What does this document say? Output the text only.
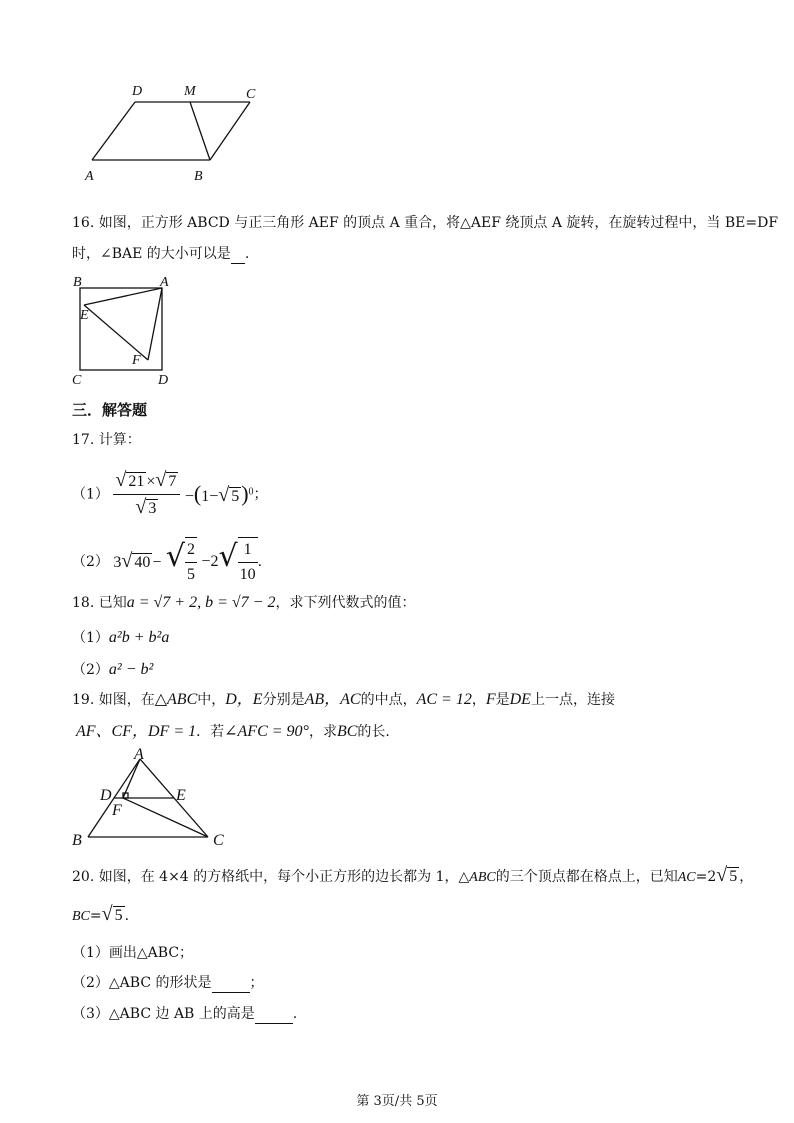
D	M	C
A	B
16. 如图，正方形 ABCD 与正三角形 AEF 的顶点 A 重合，将△AEF 绕顶点 A 旋转，在旋转过程中，当 BE=DF
时，∠BAE 的大小可以是 .
B	A
E
F
C	D
三．解答题
17. 计算：
$(1) \frac{√ 21 \times√ 7}{√ 3} -(1-√$ 5)$^0$；
（2） 3√ 40 − √ $\frac{2}{5} -2√ \frac{1}{10}$ .
18. 已知a = √7 + 2, b = √7 − 2，求下列代数式的值：
（1）a²b + b²a
（2）a² − b²
19. 如图，在△ABC中，D，E分别是AB，AC的中点，AC = 12，F是DE上一点，连接
AF、CF，DF = 1．若∠AFC = 90°，求BC的长.
A
D	E
F
B	C
20. 如图，在 4×4 的方格纸中，每个小正方形的边长都为 1，△ABC的三个顶点都在格点上，已知AC=2√ 5 ，
BC=√ 5 .
（1）画出△ABC；
（2）△ABC 的形状是	；
（3）△ABC 边 AB 上的高是	.
第 3页/共 5页
